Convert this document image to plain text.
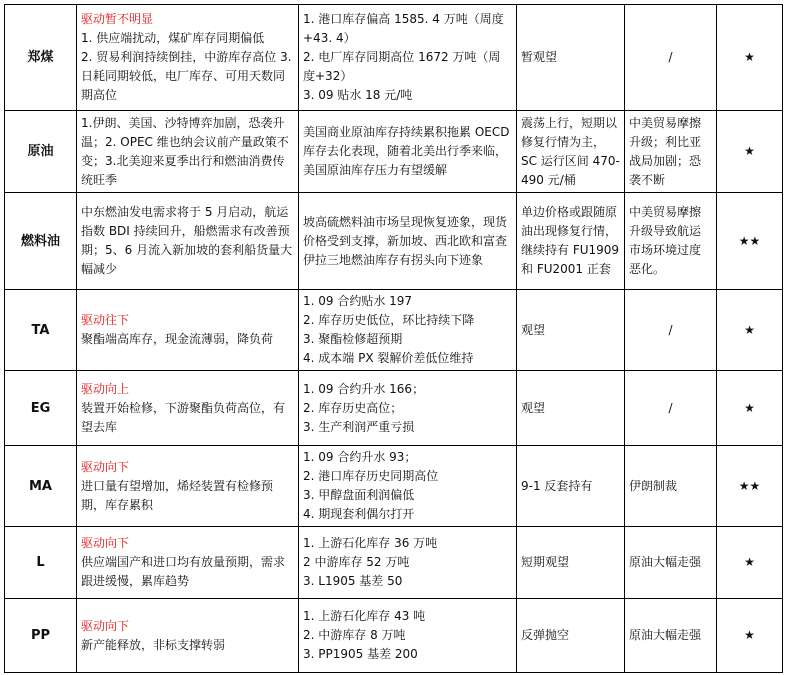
郑煤	驱动暂不明显
1. 供应端扰动，煤矿库存同期偏低
2. 贸易利润持续倒挂，中游库存高位 3. 日耗同期较低，电厂库存、可用天数同期高位	1. 港口库存偏高 1585. 4 万吨（周度+43. 4）
2. 电厂库存同期高位 1672 万吨（周度+32）
3. 09 贴水 18 元/吨	暂观望	/	★
原油	1.伊朗、美国、沙特博弈加剧，恐袭升温；2. OPEC 维也纳会议前产量政策不变；3.北美迎来夏季出行和燃油消费传统旺季	美国商业原油库存持续累积拖累 OECD 库存去化表现，随着北美出行季来临，美国原油库存压力有望缓解	震荡上行，短期以修复行情为主，SC 运行区间 470-490 元/桶	中美贸易摩擦升级；利比亚战局加剧；恐袭不断	★
燃料油	中东燃油发电需求将于 5 月启动，航运指数 BDI 持续回升，船燃需求有改善预期；5、6 月流入新加坡的套利船货量大幅减少	坡高硫燃料油市场呈现恢复迹象，现货价格受到支撑，新加坡、西北欧和富查伊拉三地燃油库存有拐头向下迹象	单边价格或跟随原油出现修复行情，继续持有 FU1909 和 FU2001 正套	中美贸易摩擦升级导致航运市场环境过度恶化。	★★
TA	驱动往下
聚酯端高库存，现金流薄弱，降负荷	1. 09 合约贴水 197
2. 库存历史低位，环比持续下降
3. 聚酯检修超预期
4. 成本端 PX 裂解价差低位维持	观望	/	★
EG	驱动向上
装置开始检修，下游聚酯负荷高位，有望去库	1. 09 合约升水 166；
2. 库存历史高位；
3. 生产利润严重亏损	观望	/	★
MA	驱动向下
进口量有望增加，烯烃装置有检修预期，库存累积	1. 09 合约升水 93；
2. 港口库存历史同期高位
3. 甲醇盘面利润偏低
4. 期现套利偶尔打开	9-1 反套持有	伊朗制裁	★★
L	驱动向下
供应端国产和进口均有放量预期，需求跟进缓慢，累库趋势	1. 上游石化库存 36 万吨
2 中游库存 52 万吨
3. L1905 基差 50	短期观望	原油大幅走强	★
PP	驱动向下
新产能释放，非标支撑转弱	1. 上游石化库存 43 吨
2. 中游库存 8 万吨
3. PP1905 基差 200	反弹抛空	原油大幅走强	★
